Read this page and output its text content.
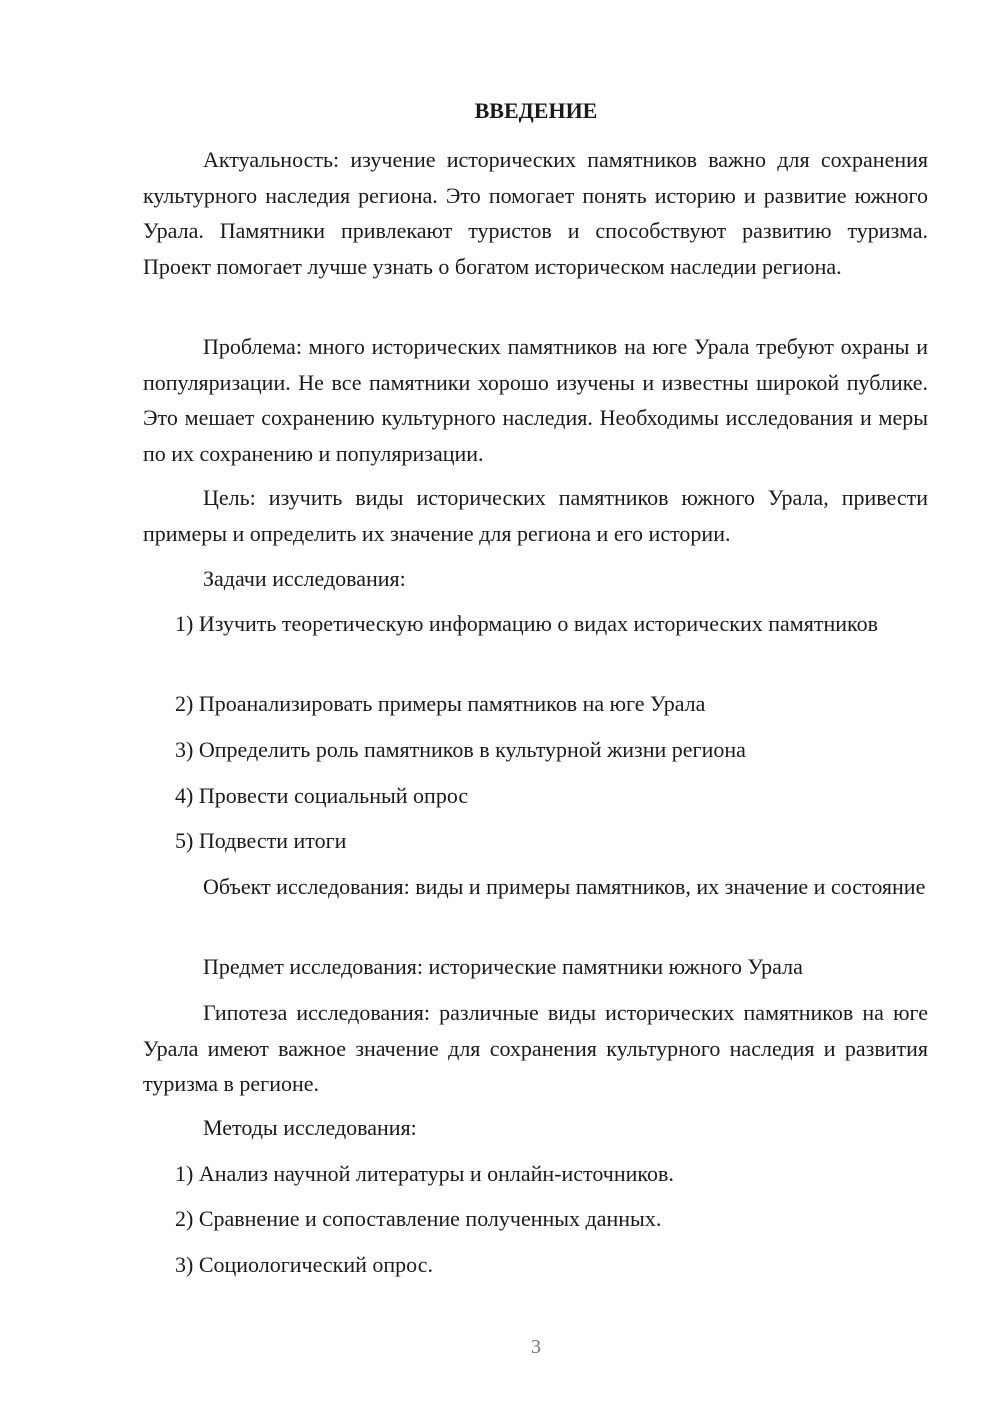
ВВЕДЕНИЕ

Актуальность: изучение исторических памятников важно для сохранения культурного наследия региона. Это помогает понять историю и развитие южного Урала. Памятники привлекают туристов и способствуют развитию туризма. Проект помогает лучше узнать о богатом историческом наследии региона.

Проблема: много исторических памятников на юге Урала требуют охраны и популяризации. Не все памятники хорошо изучены и известны широкой публике. Это мешает сохранению культурного наследия. Необходимы исследования и меры по их сохранению и популяризации.

Цель: изучить виды исторических памятников южного Урала, привести примеры и определить их значение для региона и его истории.

Задачи исследования:

1) Изучить теоретическую информацию о видах исторических памятников

2) Проанализировать примеры памятников на юге Урала

3) Определить роль памятников в культурной жизни региона

4) Провести социальный опрос

5) Подвести итоги

Объект исследования: виды и примеры памятников, их значение и состояние

Предмет исследования: исторические памятники южного Урала

Гипотеза исследования: различные виды исторических памятников на юге Урала имеют важное значение для сохранения культурного наследия и развития туризма в регионе.

Методы исследования:

1) Анализ научной литературы и онлайн-источников.

2) Сравнение и сопоставление полученных данных.

3) Социологический опрос.

3
